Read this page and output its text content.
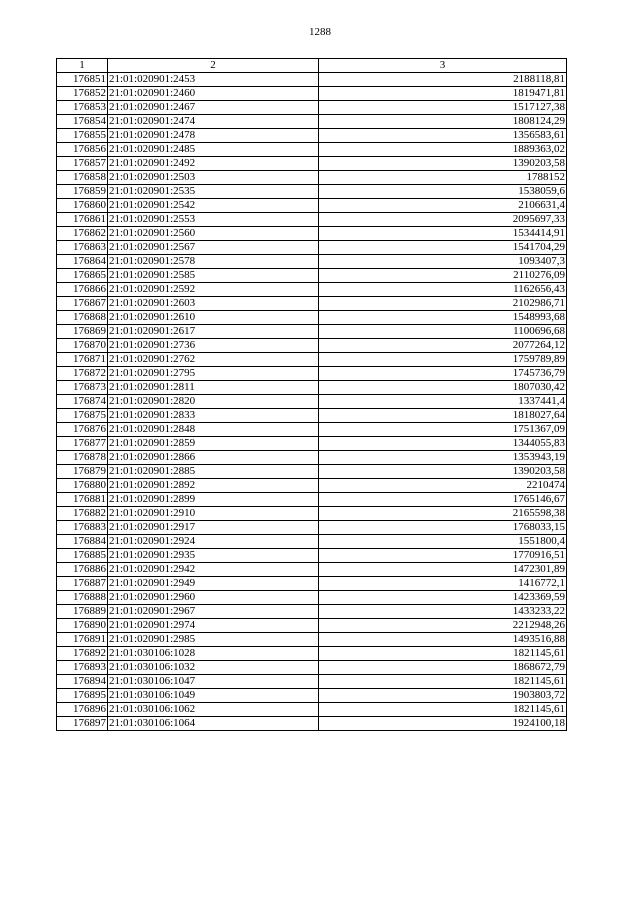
1288
1	2	3
176851	21:01:020901:2453	2188118,81
176852	21:01:020901:2460	1819471,81
176853	21:01:020901:2467	1517127,38
176854	21:01:020901:2474	1808124,29
176855	21:01:020901:2478	1356583,61
176856	21:01:020901:2485	1889363,02
176857	21:01:020901:2492	1390203,58
176858	21:01:020901:2503	1788152
176859	21:01:020901:2535	1538059,6
176860	21:01:020901:2542	2106631,4
176861	21:01:020901:2553	2095697,33
176862	21:01:020901:2560	1534414,91
176863	21:01:020901:2567	1541704,29
176864	21:01:020901:2578	1093407,3
176865	21:01:020901:2585	2110276,09
176866	21:01:020901:2592	1162656,43
176867	21:01:020901:2603	2102986,71
176868	21:01:020901:2610	1548993,68
176869	21:01:020901:2617	1100696,68
176870	21:01:020901:2736	2077264,12
176871	21:01:020901:2762	1759789,89
176872	21:01:020901:2795	1745736,79
176873	21:01:020901:2811	1807030,42
176874	21:01:020901:2820	1337441,4
176875	21:01:020901:2833	1818027,64
176876	21:01:020901:2848	1751367,09
176877	21:01:020901:2859	1344055,83
176878	21:01:020901:2866	1353943,19
176879	21:01:020901:2885	1390203,58
176880	21:01:020901:2892	2210474
176881	21:01:020901:2899	1765146,67
176882	21:01:020901:2910	2165598,38
176883	21:01:020901:2917	1768033,15
176884	21:01:020901:2924	1551800,4
176885	21:01:020901:2935	1770916,51
176886	21:01:020901:2942	1472301,89
176887	21:01:020901:2949	1416772,1
176888	21:01:020901:2960	1423369,59
176889	21:01:020901:2967	1433233,22
176890	21:01:020901:2974	2212948,26
176891	21:01:020901:2985	1493516,88
176892	21:01:030106:1028	1821145,61
176893	21:01:030106:1032	1868672,79
176894	21:01:030106:1047	1821145,61
176895	21:01:030106:1049	1903803,72
176896	21:01:030106:1062	1821145,61
176897	21:01:030106:1064	1924100,18
